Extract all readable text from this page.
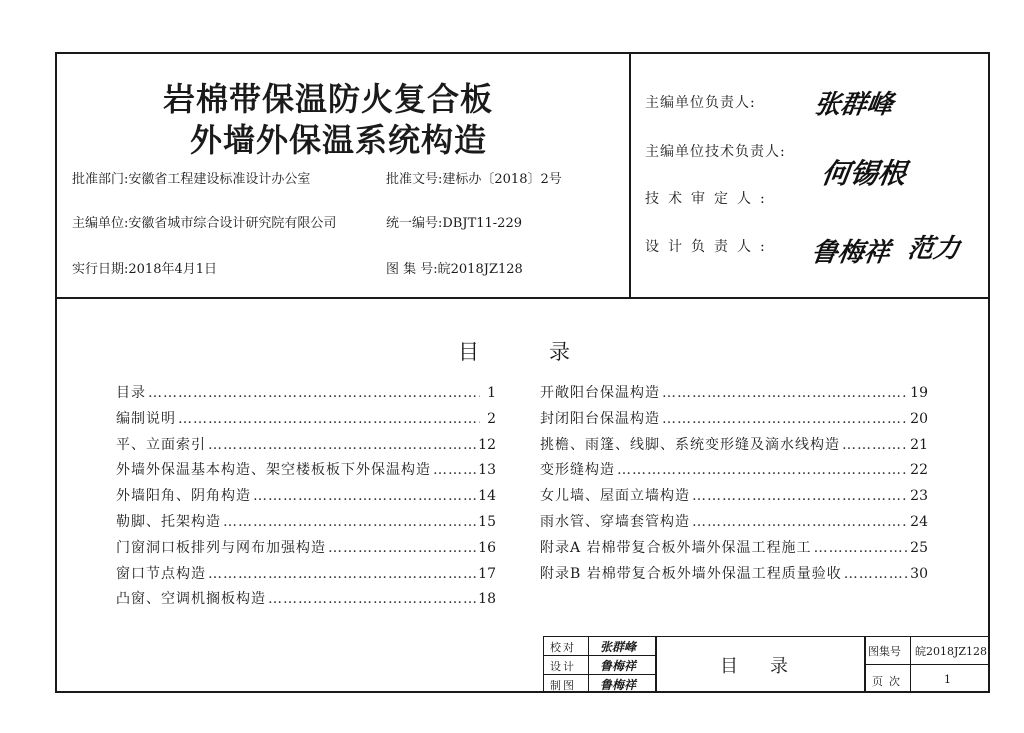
岩棉带保温防火复合板
外墙外保温系统构造
批准部门:安徽省工程建设标准设计办公室	批准文号:建标办〔2018〕2号
主编单位:安徽省城市综合设计研究院有限公司	统一编号:DBJT11-229
实行日期:2018年4月1日	图 集 号:皖2018JZ128
主编单位负责人: 张群峰
主编单位技术负责人:
何锡根
技术审定人:
设计负责人: 鲁梅祥 范力
目录
目录 …………………………………………………………………………………………………………	1
编制说明 …………………………………………………………………………………………………………	2
平、立面索引 …………………………………………………………………………………………………………	12
外墙外保温基本构造、架空楼板板下外保温构造 …………………………………………………………………………………………………………	13
外墙阳角、阴角构造 …………………………………………………………………………………………………………	14
勒脚、托架构造 …………………………………………………………………………………………………………	15
门窗洞口板排列与网布加强构造 …………………………………………………………………………………………………………	16
窗口节点构造 …………………………………………………………………………………………………………	17
凸窗、空调机搁板构造 …………………………………………………………………………………………………………	18
开敞阳台保温构造 …………………………………………………………………………………………………………	19
封闭阳台保温构造 …………………………………………………………………………………………………………	20
挑檐、雨篷、线脚、系统变形缝及滴水线构造 …………………………………………………………………………………………………………	21
变形缝构造 …………………………………………………………………………………………………………	22
女儿墙、屋面立墙构造 …………………………………………………………………………………………………………	23
雨水管、穿墙套管构造 …………………………………………………………………………………………………………	24
附录A 岩棉带复合板外墙外保温工程施工 …………………………………………………………………………………………………………	25
附录B 岩棉带复合板外墙外保温工程质量验收 …………………………………………………………………………………………………………	30
校对 张群峰
设计 鲁梅祥
制图 鲁梅祥
目录
图集号 皖2018JZ128
页次	1
